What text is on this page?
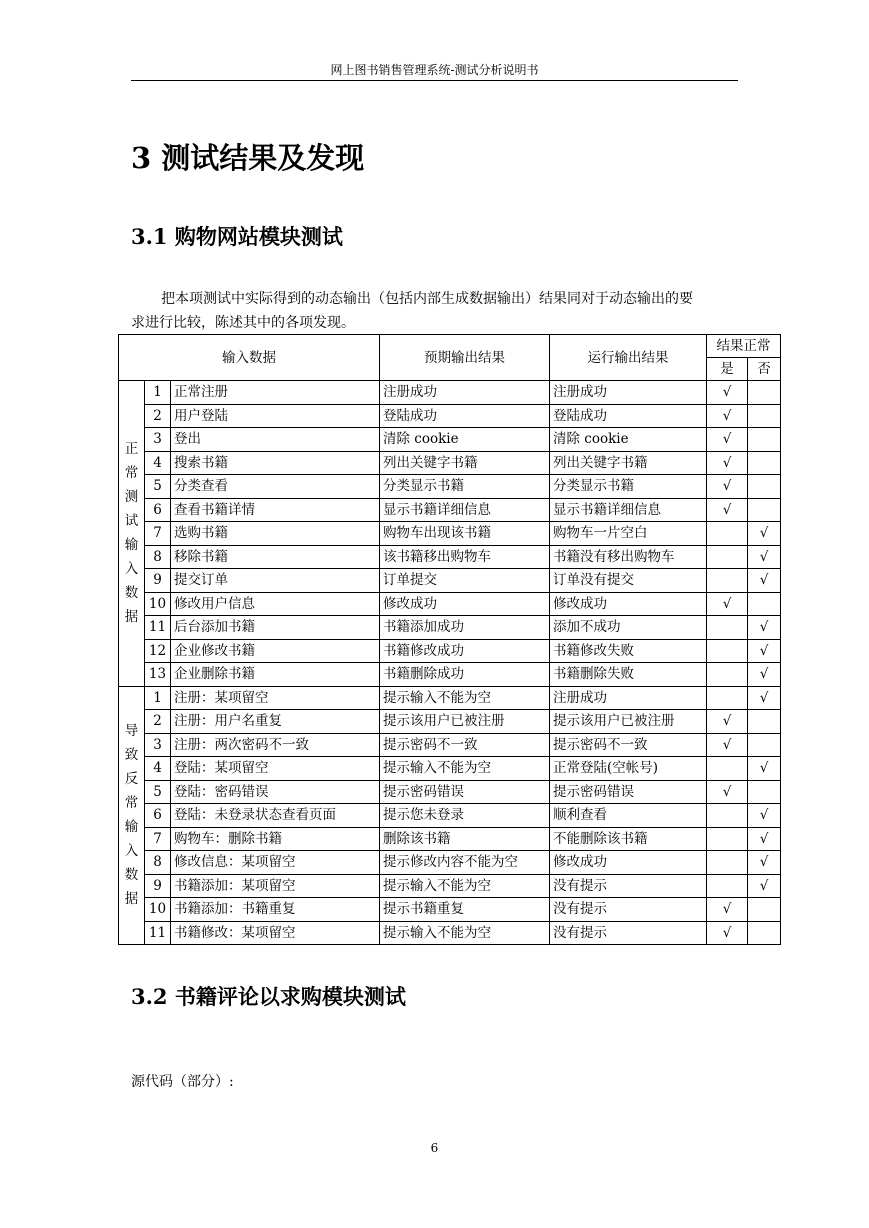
网上图书销售管理系统-测试分析说明书
3 测试结果及发现
3.1 购物网站模块测试
把本项测试中实际得到的动态输出（包括内部生成数据输出）结果同对于动态输出的要
求进行比较，陈述其中的各项发现。
输入数据			预期输出结果	运行输出结果	结果正常	
					是	否

正常测试输入数据	1	正常注册	注册成功	注册成功	√	
	2	用户登陆	登陆成功	登陆成功	√	
	3	登出	清除 cookie	清除 cookie	√	
	4	搜索书籍	列出关键字书籍	列出关键字书籍	√	
	5	分类查看	分类显示书籍	分类显示书籍	√	
	6	查看书籍详情	显示书籍详细信息	显示书籍详细信息	√	
	7	选购书籍	购物车出现该书籍	购物车一片空白		√
	8	移除书籍	该书籍移出购物车	书籍没有移出购物车		√
	9	提交订单	订单提交	订单没有提交		√
	10	修改用户信息	修改成功	修改成功	√	
	11	后台添加书籍	书籍添加成功	添加不成功		√
	12	企业修改书籍	书籍修改成功	书籍修改失败		√
	13	企业删除书籍	书籍删除成功	书籍删除失败		√

导致反常输入数据	1	注册：某项留空	提示输入不能为空	注册成功		√
	2	注册：用户名重复	提示该用户已被注册	提示该用户已被注册	√	
	3	注册：两次密码不一致	提示密码不一致	提示密码不一致	√	
	4	登陆：某项留空	提示输入不能为空	正常登陆(空帐号)		√
	5	登陆：密码错误	提示密码错误	提示密码错误	√	
	6	登陆：未登录状态查看页面	提示您未登录	顺利查看		√
	7	购物车：删除书籍	删除该书籍	不能删除该书籍		√
	8	修改信息：某项留空	提示修改内容不能为空	修改成功		√
	9	书籍添加：某项留空	提示输入不能为空	没有提示		√
	10	书籍添加：书籍重复	提示书籍重复	没有提示	√	
	11	书籍修改：某项留空	提示输入不能为空	没有提示	√	
3.2 书籍评论以求购模块测试
源代码（部分）:
6
